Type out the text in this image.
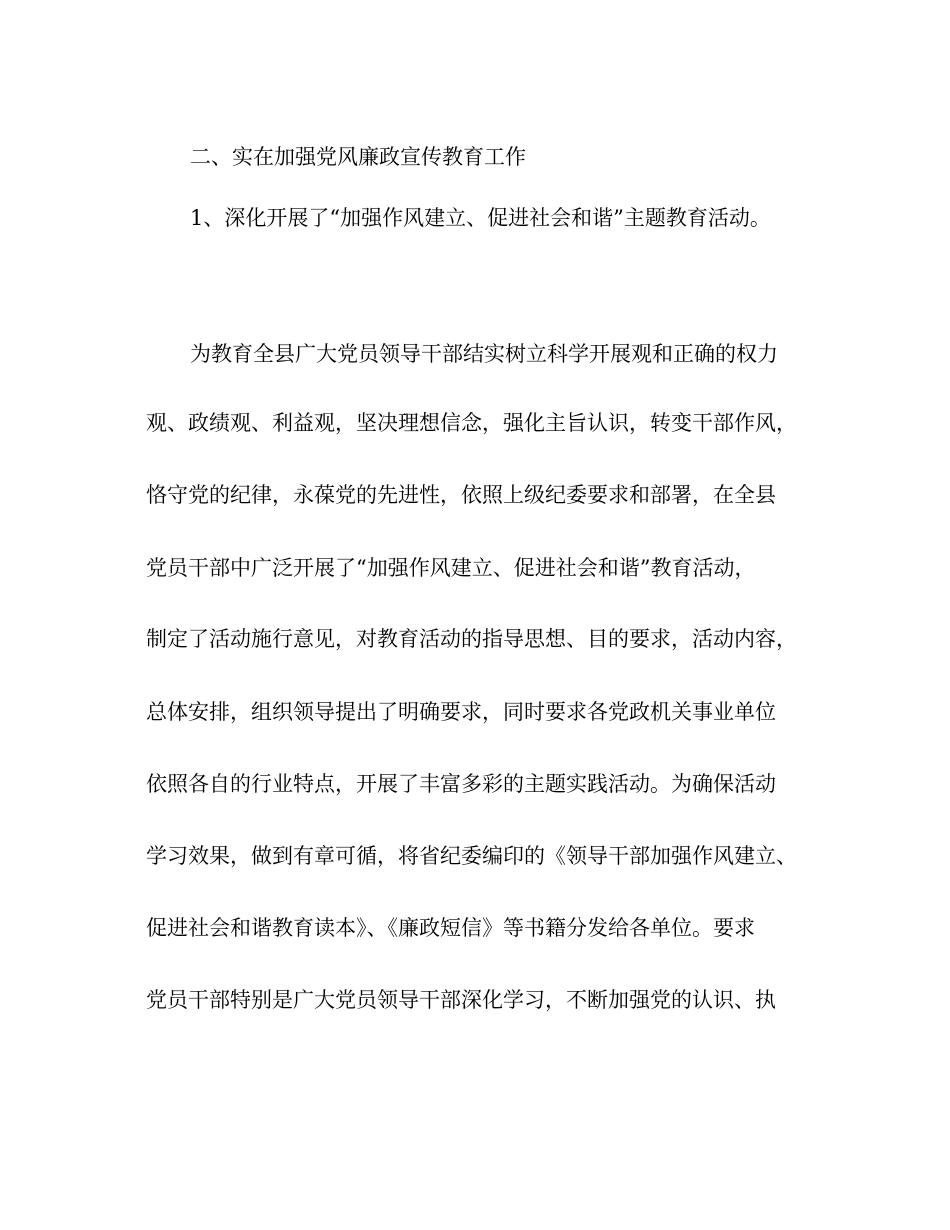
二、实在加强党风廉政宣传教育工作

1、深化开展了“加强作风建立、促进社会和谐”主题教育活动。

为教育全县广大党员领导干部结实树立科学开展观和正确的权力

观、政绩观、利益观，坚决理想信念，强化主旨认识，转变干部作风，

恪守党的纪律，永葆党的先进性，依照上级纪委要求和部署，在全县

党员干部中广泛开展了“加强作风建立、促进社会和谐”教育活动，

制定了活动施行意见，对教育活动的指导思想、目的要求，活动内容，

总体安排，组织领导提出了明确要求，同时要求各党政机关事业单位

依照各自的行业特点，开展了丰富多彩的主题实践活动。为确保活动

学习效果，做到有章可循，将省纪委编印的《领导干部加强作风建立、

促进社会和谐教育读本》、《廉政短信》等书籍分发给各单位。要求

党员干部特别是广大党员领导干部深化学习，不断加强党的认识、执
